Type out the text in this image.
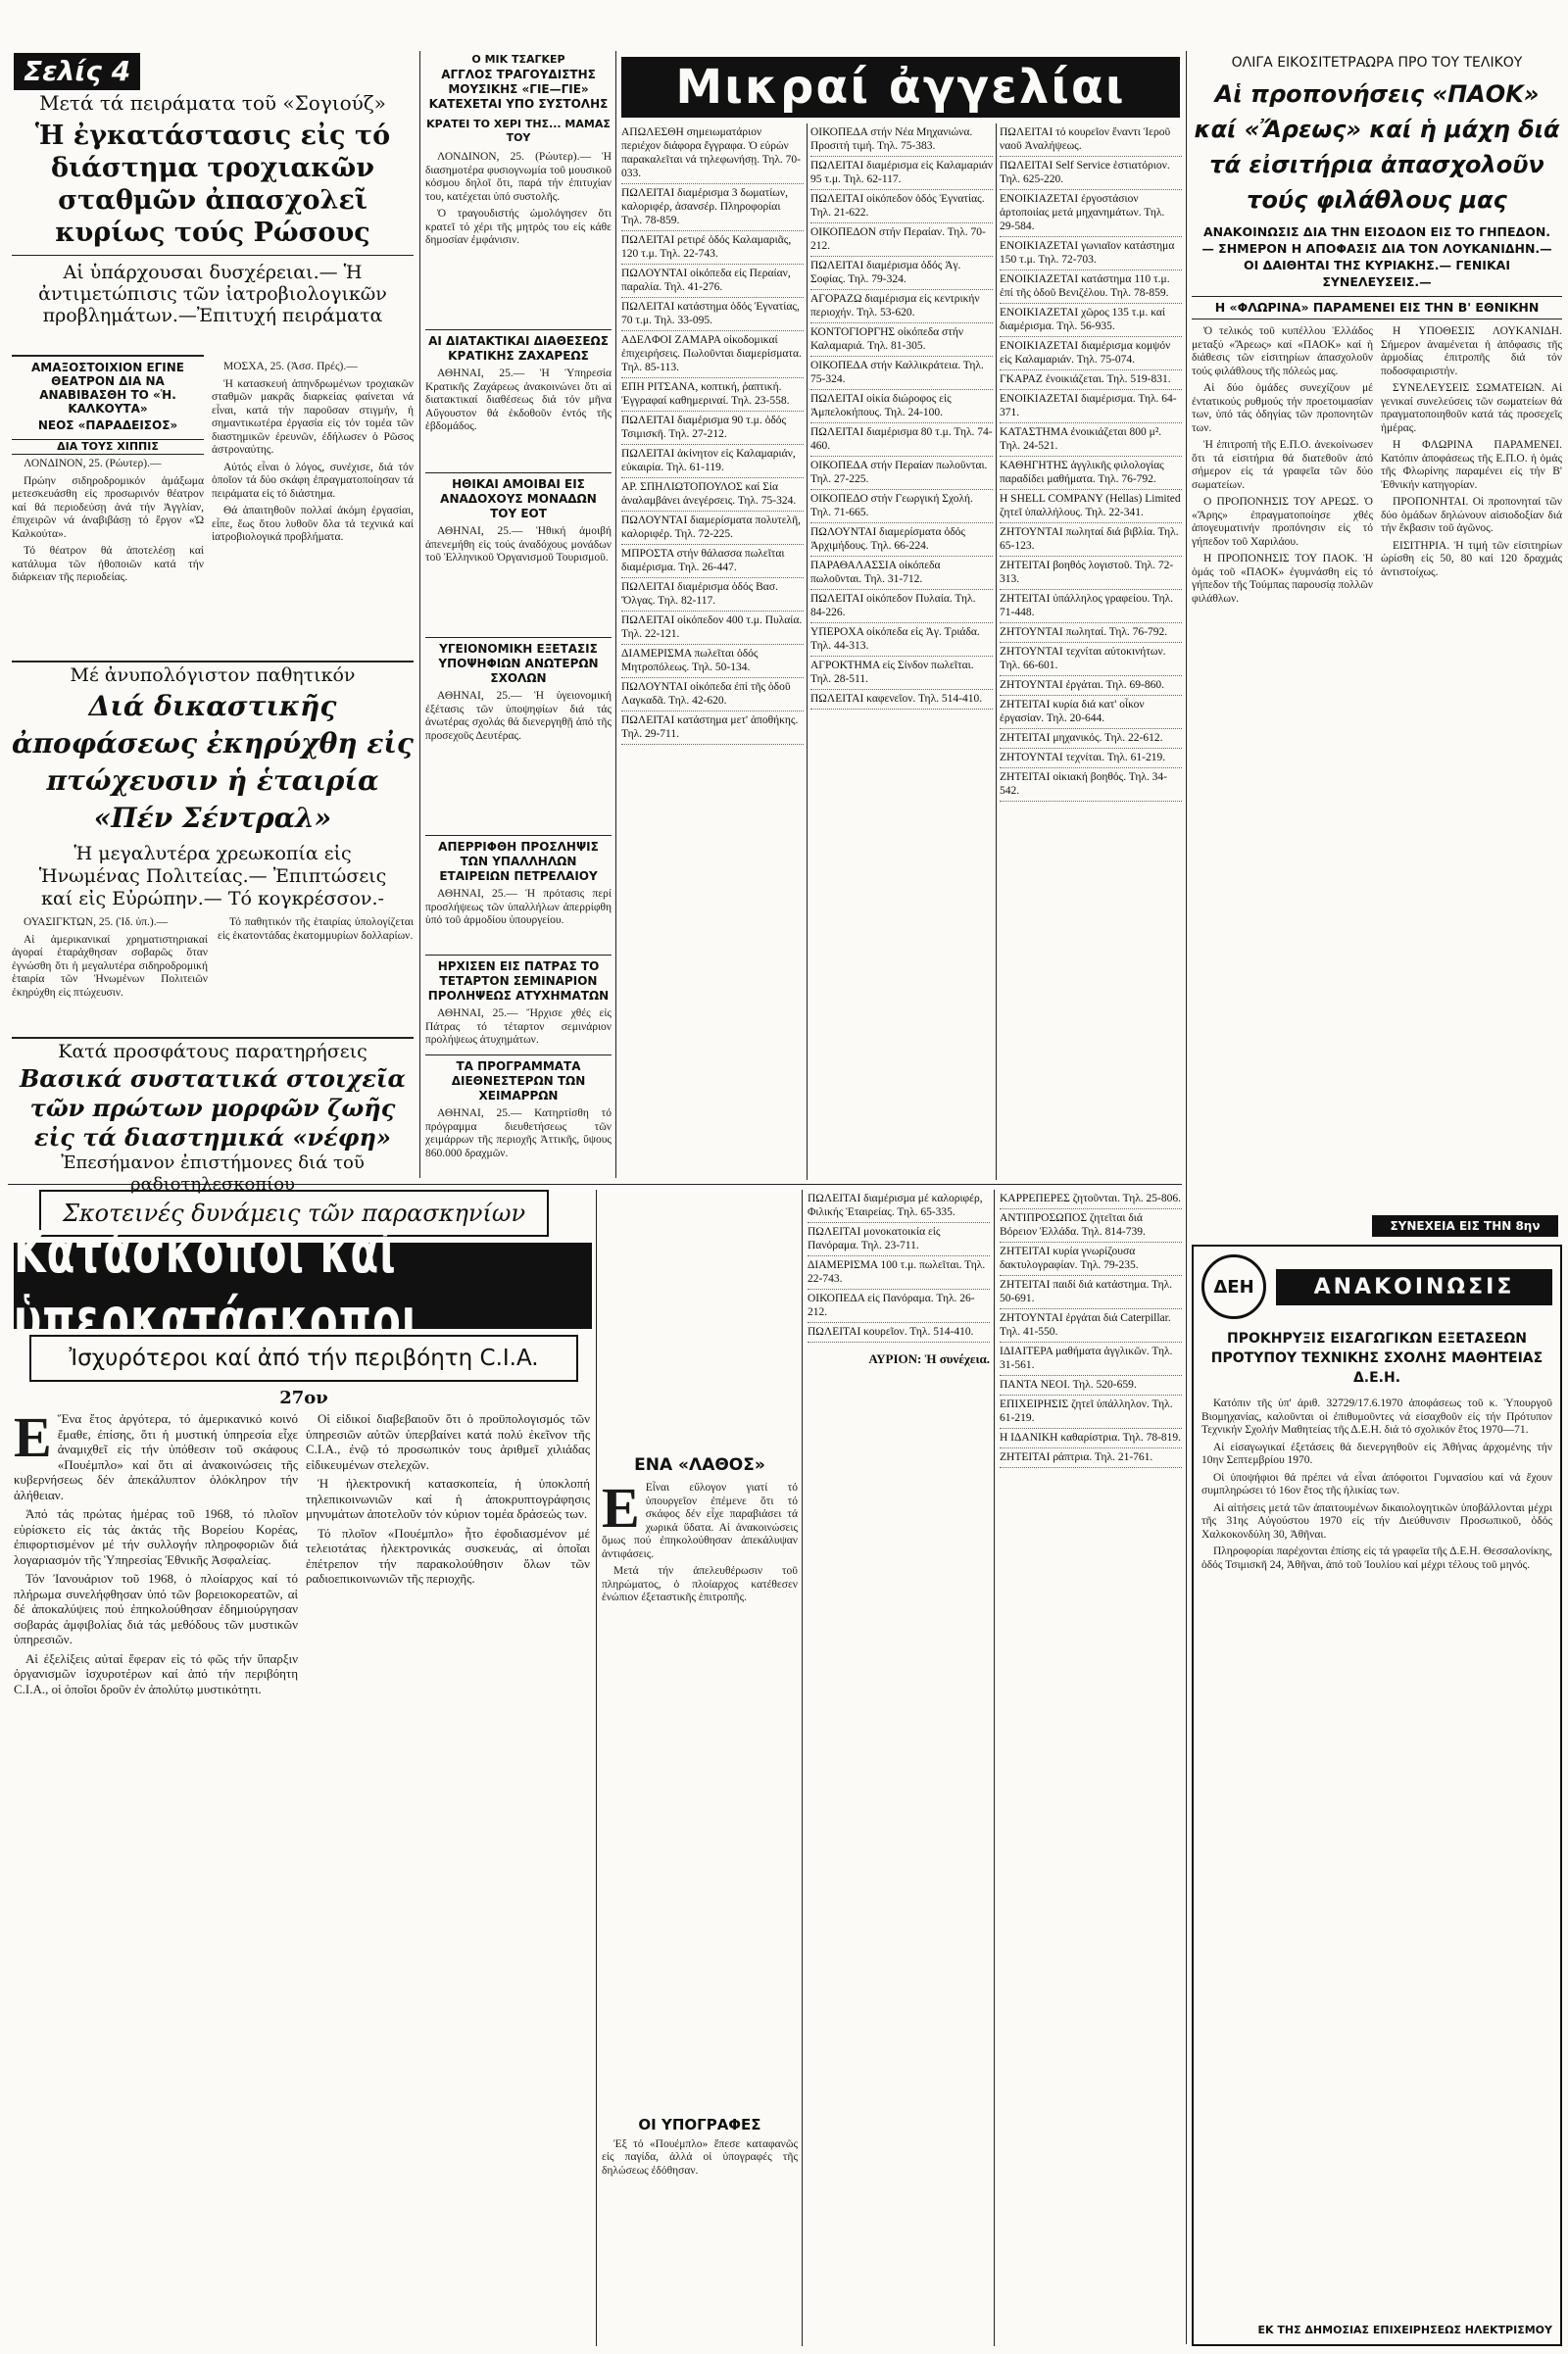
Σελίς 4
Μετά τά πειράματα τοῦ «Σογιούζ»
Ἡ ἐγκατάστασις εἰς τό διάστημα τροχιακῶν σταθμῶν ἀπασχολεῖ κυρίως τούς Ρώσους
Αἱ ὑπάρχουσαι δυσχέρειαι.— Ἡ ἀντιμετώπισις τῶν ἰατροβιολογικῶν προβλημάτων.—Ἐπιτυχή πειράματα
ΑΜΑΞΟΣΤΟΙΧΙΟΝ ΕΓΙΝΕ ΘΕΑΤΡΟΝ ΔΙΑ ΝΑ ΑΝΑΒΙΒΑΣΘΗ ΤΟ «Ἡ. ΚΑΛΚΟΥΤΑ»
ΝΕΟΣ «ΠΑΡΑΔΕΙΣΟΣ»
ΔΙΑ ΤΟΥΣ ΧΙΠΠΙΣ
ΛΟΝΔΙΝΟΝ, 25. (Ρώυτερ).—

Πρώην σιδηροδρομικόν ἁμάξωμα μετεσκευάσθη εἰς προσωρινόν θέατρον καί θά περιοδεύσῃ ἀνά τήν Ἀγγλίαν, ἐπιχειρῶν νά ἀναβιβάσῃ τό ἔργον «Ὠ Καλκούτα».

Τό θέατρον θά ἀποτελέσῃ καί κατάλυμα τῶν ἠθοποιῶν κατά τήν διάρκειαν τῆς περιοδείας.

ΜΟΣΧΑ, 25. (Ἀσσ. Πρές).—

Ἡ κατασκευή ἀπηνδρωμένων τροχιακῶν σταθμῶν μακρᾶς διαρκείας φαίνεται νά εἶναι, κατά τήν παροῦσαν στιγμήν, ἡ σημαντικωτέρα ἐργασία εἰς τόν τομέα τῶν διαστημικῶν ἐρευνῶν, ἐδήλωσεν ὁ Ρῶσος ἀστροναύτης.

Αὐτός εἶναι ὁ λόγος, συνέχισε, διά τόν ὁποῖον τά δύο σκάφη ἐπραγματοποίησαν τά πειράματα εἰς τό διάστημα.

Θά ἀπαιτηθοῦν πολλαί ἀκόμη ἐργασίαι, εἶπε, ἕως ὅτου λυθοῦν ὅλα τά τεχνικά καί ἰατροβιολογικά προβλήματα.

Μέ ἀνυπολόγιστον παθητικόν
Διά δικαστικῆς ἀποφάσεως ἐκηρύχθη εἰς πτώχευσιν ἡ ἑταιρία «Πέν Σέντραλ»
Ἡ μεγαλυτέρα χρεωκοπία εἰς Ἡνωμένας Πολιτείας.— Ἐπιπτώσεις καί εἰς Εὐρώπην.— Τό κογκρέσσον.-
ΟΥΑΣΙΓΚΤΩΝ, 25. (Ἰδ. ὑπ.).—

Αἱ ἀμερικανικαί χρηματιστηριακαί ἀγοραί ἐταράχθησαν σοβαρῶς ὅταν ἐγνώσθη ὅτι ἡ μεγαλυτέρα σιδηροδρομική ἑταιρία τῶν Ἡνωμένων Πολιτειῶν ἐκηρύχθη εἰς πτώχευσιν.

Τό παθητικόν τῆς ἑταιρίας ὑπολογίζεται εἰς ἑκατοντάδας ἑκατομμυρίων δολλαρίων.

Κατά προσφάτους παρατηρήσεις
Βασικά συστατικά στοιχεῖα τῶν πρώτων μορφῶν ζωῆς εἰς τά διαστημικά «νέφη»
Ἐπεσήμανον ἐπιστήμονες διά τοῦ ραδιοτηλεσκοπίου
Ο ΜΙΚ ΤΣΑΓΚΕΡ
ΑΓΓΛΟΣ ΤΡΑΓΟΥΔΙΣΤΗΣ ΜΟΥΣΙΚΗΣ «ΓΙΕ—ΓΙΕ» ΚΑΤΕΧΕΤΑΙ ΥΠΟ ΣΥΣΤΟΛΗΣ
ΚΡΑΤΕΙ ΤΟ ΧΕΡΙ ΤΗΣ... ΜΑΜΑΣ ΤΟΥ

ΛΟΝΔΙΝΟΝ, 25. (Ρώυτερ).— Ἡ διασημοτέρα φυσιογνωμία τοῦ μουσικοῦ κόσμου δηλοῖ ὅτι, παρά τήν ἐπιτυχίαν του, κατέχεται ὑπό συστολῆς.

Ὁ τραγουδιστής ὡμολόγησεν ὅτι κρατεῖ τό χέρι τῆς μητρός του εἰς κάθε δημοσίαν ἐμφάνισιν.

ΑΙ ΔΙΑΤΑΚΤΙΚΑΙ ΔΙΑΘΕΣΕΩΣ ΚΡΑΤΙΚΗΣ ΖΑΧΑΡΕΩΣ

ΑΘΗΝΑΙ, 25.— Ἡ Ὑπηρεσία Κρατικῆς Ζαχάρεως ἀνακοινώνει ὅτι αἱ διατακτικαί διαθέσεως διά τόν μῆνα Αὔγουστον θά ἐκδοθοῦν ἐντός τῆς ἑβδομάδος.

ΗΘΙΚΑΙ ΑΜΟΙΒΑΙ ΕΙΣ ΑΝΑΔΟΧΟΥΣ ΜΟΝΑΔΩΝ ΤΟΥ ΕΟΤ

ΑΘΗΝΑΙ, 25.— Ἡθική ἀμοιβή ἀπενεμήθη εἰς τούς ἀναδόχους μονάδων τοῦ Ἑλληνικοῦ Ὀργανισμοῦ Τουρισμοῦ.

ΥΓΕΙΟΝΟΜΙΚΗ ΕΞΕΤΑΣΙΣ ΥΠΟΨΗΦΙΩΝ ΑΝΩΤΕΡΩΝ ΣΧΟΛΩΝ

ΑΘΗΝΑΙ, 25.— Ἡ ὑγειονομική ἐξέτασις τῶν ὑποψηφίων διά τάς ἀνωτέρας σχολάς θά διενεργηθῇ ἀπό τῆς προσεχοῦς Δευτέρας.

ΑΠΕΡΡΙΦΘΗ ΠΡΟΣΛΗΨΙΣ ΤΩΝ ΥΠΑΛΛΗΛΩΝ ΕΤΑΙΡΕΙΩΝ ΠΕΤΡΕΛΑΙΟΥ

ΑΘΗΝΑΙ, 25.— Ἡ πρότασις περί προσλήψεως τῶν ὑπαλλήλων ἀπερρίφθη ὑπό τοῦ ἁρμοδίου ὑπουργείου.

ΗΡΧΙΣΕΝ ΕΙΣ ΠΑΤΡΑΣ ΤΟ ΤΕΤΑΡΤΟΝ ΣΕΜΙΝΑΡΙΟΝ ΠΡΟΛΗΨΕΩΣ ΑΤΥΧΗΜΑΤΩΝ

ΑΘΗΝΑΙ, 25.— Ἤρχισε χθές εἰς Πάτρας τό τέταρτον σεμινάριον προλήψεως ἀτυχημάτων.

ΤΑ ΠΡΟΓΡΑΜΜΑΤΑ ΔΙΕΘΝΕΣΤΕΡΩΝ ΤΩΝ ΧΕΙΜΑΡΡΩΝ

ΑΘΗΝΑΙ, 25.— Κατηρτίσθη τό πρόγραμμα διευθετήσεως τῶν χειμάρρων τῆς περιοχῆς Ἀττικῆς, ὕψους 860.000 δραχμῶν.

Μικραί ἀγγελίαι
ΑΠΩΛΕΣΘΗ σημειωματάριον περιέχον διάφορα ἔγγραφα. Ὁ εὑρών παρακαλεῖται νά τηλεφωνήσῃ. Τηλ. 70-033.
ΠΩΛΕΙΤΑΙ διαμέρισμα 3 δωματίων, καλοριφέρ, ἀσανσέρ. Πληροφορίαι Τηλ. 78-859.
ΠΩΛΕΙΤΑΙ ρετιρέ ὁδός Καλαμαριᾶς, 120 τ.μ. Τηλ. 22-743.
ΠΩΛΟΥΝΤΑΙ οἰκόπεδα εἰς Περαίαν, παραλία. Τηλ. 41-276.
ΠΩΛΕΙΤΑΙ κατάστημα ὁδός Ἐγνατίας, 70 τ.μ. Τηλ. 33-095.
ΑΔΕΛΦΟΙ ΖΑΜΑΡΑ οἰκοδομικαί ἐπιχειρήσεις. Πωλοῦνται διαμερίσματα. Τηλ. 85-113.
ΕΠΗ ΡΙΤΣΑΝΑ, κοπτική, ῥαπτική. Ἐγγραφαί καθημεριναί. Τηλ. 23-558.
ΠΩΛΕΙΤΑΙ διαμέρισμα 90 τ.μ. ὁδός Τσιμισκῆ. Τηλ. 27-212.
ΠΩΛΕΙΤΑΙ ἀκίνητον εἰς Καλαμαριάν, εὐκαιρία. Τηλ. 61-119.
ΑΡ. ΣΠΗΛΙΩΤΟΠΟΥΛΟΣ καί Σία ἀναλαμβάνει ἀνεγέρσεις. Τηλ. 75-324.
ΠΩΛΟΥΝΤΑΙ διαμερίσματα πολυτελῆ, καλοριφέρ. Τηλ. 72-225.
ΜΠΡΟΣΤΑ στήν θάλασσα πωλεῖται διαμέρισμα. Τηλ. 26-447.
ΠΩΛΕΙΤΑΙ διαμέρισμα ὁδός Βασ. Ὄλγας. Τηλ. 82-117.
ΠΩΛΕΙΤΑΙ οἰκόπεδον 400 τ.μ. Πυλαία. Τηλ. 22-121.
ΔΙΑΜΕΡΙΣΜΑ πωλεῖται ὁδός Μητροπόλεως. Τηλ. 50-134.
ΠΩΛΟΥΝΤΑΙ οἰκόπεδα ἐπί τῆς ὁδοῦ Λαγκαδᾶ. Τηλ. 42-620.
ΠΩΛΕΙΤΑΙ κατάστημα μετ' ἀποθήκης. Τηλ. 29-711.
ΟΙΚΟΠΕΔΑ στήν Νέα Μηχανιώνα. Προσιτή τιμή. Τηλ. 75-383.
ΠΩΛΕΙΤΑΙ διαμέρισμα εἰς Καλαμαριάν 95 τ.μ. Τηλ. 62-117.
ΠΩΛΕΙΤΑΙ οἰκόπεδον ὁδός Ἐγνατίας. Τηλ. 21-622.
ΟΙΚΟΠΕΔΟΝ στήν Περαίαν. Τηλ. 70-212.
ΠΩΛΕΙΤΑΙ διαμέρισμα ὁδός Ἁγ. Σοφίας. Τηλ. 79-324.
ΑΓΟΡΑΖΩ διαμέρισμα εἰς κεντρικήν περιοχήν. Τηλ. 53-620.
ΚΟΝΤΟΓΙΟΡΓΗΣ οἰκόπεδα στήν Καλαμαριά. Τηλ. 81-305.
ΟΙΚΟΠΕΔΑ στήν Καλλικράτεια. Τηλ. 75-324.
ΠΩΛΕΙΤΑΙ οἰκία διώροφος εἰς Ἀμπελοκήπους. Τηλ. 24-100.
ΠΩΛΕΙΤΑΙ διαμέρισμα 80 τ.μ. Τηλ. 74-460.
ΟΙΚΟΠΕΔΑ στήν Περαίαν πωλοῦνται. Τηλ. 27-225.
ΟΙΚΟΠΕΔΟ στήν Γεωργική Σχολή. Τηλ. 71-665.
ΠΩΛΟΥΝΤΑΙ διαμερίσματα ὁδός Ἀρχιμήδους. Τηλ. 66-224.
ΠΑΡΑΘΑΛΑΣΣΙΑ οἰκόπεδα πωλοῦνται. Τηλ. 31-712.
ΠΩΛΕΙΤΑΙ οἰκόπεδον Πυλαία. Τηλ. 84-226.
ΥΠΕΡΟΧΑ οἰκόπεδα εἰς Ἀγ. Τριάδα. Τηλ. 44-313.
ΑΓΡΟΚΤΗΜΑ εἰς Σίνδον πωλεῖται. Τηλ. 28-511.
ΠΩΛΕΙΤΑΙ καφενεῖον. Τηλ. 514-410.
ΠΩΛΕΙΤΑΙ τό κουρεῖον ἔναντι Ἱεροῦ ναοῦ Ἀναλήψεως.
ΠΩΛΕΙΤΑΙ Self Service ἑστιατόριον. Τηλ. 625-220.
ΕΝΟΙΚΙΑΖΕΤΑΙ ἐργοστάσιον ἀρτοποιίας μετά μηχανημάτων. Τηλ. 29-584.
ΕΝΟΙΚΙΑΖΕΤΑΙ γωνιαῖον κατάστημα 150 τ.μ. Τηλ. 72-703.
ΕΝΟΙΚΙΑΖΕΤΑΙ κατάστημα 110 τ.μ. ἐπί τῆς ὁδοῦ Βενιζέλου. Τηλ. 78-859.
ΕΝΟΙΚΙΑΖΕΤΑΙ χῶρος 135 τ.μ. καί διαμέρισμα. Τηλ. 56-935.
ΕΝΟΙΚΙΑΖΕΤΑΙ διαμέρισμα κομψόν εἰς Καλαμαριάν. Τηλ. 75-074.
ΓΚΑΡΑΖ ἐνοικιάζεται. Τηλ. 519-831.
ΕΝΟΙΚΙΑΖΕΤΑΙ διαμέρισμα. Τηλ. 64-371.
ΚΑΤΑΣΤΗΜΑ ἐνοικιάζεται 800 μ². Τηλ. 24-521.
ΚΑΘΗΓΗΤΗΣ ἀγγλικῆς φιλολογίας παραδίδει μαθήματα. Τηλ. 76-792.
Η SHELL COMPANY (Hellas) Limited ζητεῖ ὑπαλλήλους. Τηλ. 22-341.
ΖΗΤΟΥΝΤΑΙ πωληταί διά βιβλία. Τηλ. 65-123.
ΖΗΤΕΙΤΑΙ βοηθός λογιστοῦ. Τηλ. 72-313.
ΖΗΤΕΙΤΑΙ ὑπάλληλος γραφείου. Τηλ. 71-448.
ΖΗΤΟΥΝΤΑΙ πωληταί. Τηλ. 76-792.
ΖΗΤΟΥΝΤΑΙ τεχνίται αὐτοκινήτων. Τηλ. 66-601.
ΖΗΤΟΥΝΤΑΙ ἐργάται. Τηλ. 69-860.
ΖΗΤΕΙΤΑΙ κυρία διά κατ' οἶκον ἐργασίαν. Τηλ. 20-644.
ΖΗΤΕΙΤΑΙ μηχανικός. Τηλ. 22-612.
ΖΗΤΟΥΝΤΑΙ τεχνίται. Τηλ. 61-219.
ΖΗΤΕΙΤΑΙ οἰκιακή βοηθός. Τηλ. 34-542.
Σκοτεινές δυνάμεις τῶν παρασκηνίων
Κατάσκοποι καί ὑπερκατάσκοποι
Ἰσχυρότεροι καί ἀπό τήν περιβόητη C.I.A.
27ον

Ε Ἕνα ἔτος ἀργότερα, τό ἀμερικανικό κοινό ἔμαθε, ἐπίσης, ὅτι ἡ μυστική ὑπηρεσία εἶχε ἀναμιχθεῖ εἰς τήν ὑπόθεσιν τοῦ σκάφους «Πουέμπλο» καί ὅτι αἱ ἀνακοινώσεις τῆς κυβερνήσεως δέν ἀπεκάλυπτον ὁλόκληρον τήν ἀλήθειαν.

Ἀπό τάς πρώτας ἡμέρας τοῦ 1968, τό πλοῖον εὑρίσκετο εἰς τάς ἀκτάς τῆς Βορείου Κορέας, ἐπιφορτισμένον μέ τήν συλλογήν πληροφοριῶν διά λογαριασμόν τῆς Ὑπηρεσίας Ἐθνικῆς Ἀσφαλείας.

Τόν Ἰανουάριον τοῦ 1968, ὁ πλοίαρχος καί τό πλήρωμα συνελήφθησαν ὑπό τῶν βορειοκορεατῶν, αἱ δέ ἀποκαλύψεις πού ἐπηκολούθησαν ἐδημιούργησαν σοβαράς ἀμφιβολίας διά τάς μεθόδους τῶν μυστικῶν ὑπηρεσιῶν.

Αἱ ἐξελίξεις αὐταί ἔφεραν εἰς τό φῶς τήν ὕπαρξιν ὀργανισμῶν ἰσχυροτέρων καί ἀπό τήν περιβόητη C.I.A., οἱ ὁποῖοι δροῦν ἐν ἀπολύτῳ μυστικότητι.

Οἱ εἰδικοί διαβεβαιοῦν ὅτι ὁ προϋπολογισμός τῶν ὑπηρεσιῶν αὐτῶν ὑπερβαίνει κατά πολύ ἐκεῖνον τῆς C.I.A., ἐνῷ τό προσωπικόν τους ἀριθμεῖ χιλιάδας εἰδικευμένων στελεχῶν.

Ἡ ἠλεκτρονική κατασκοπεία, ἡ ὑποκλοπή τηλεπικοινωνιῶν καί ἡ ἀποκρυπτογράφησις μηνυμάτων ἀποτελοῦν τόν κύριον τομέα δράσεώς των.

Τό πλοῖον «Πουέμπλο» ἦτο ἐφοδιασμένον μέ τελειοτάτας ἠλεκτρονικάς συσκευάς, αἱ ὁποῖαι ἐπέτρεπον τήν παρακολούθησιν ὅλων τῶν ραδιοεπικοινωνιῶν τῆς περιοχῆς.

ΕΝΑ «ΛΑΘΟΣ»

Ε Εἶναι εὔλογον γιατί τό ὑπουργεῖον ἐπέμενε ὅτι τό σκάφος δέν εἶχε παραβιάσει τά χωρικά ὕδατα. Αἱ ἀνακοινώσεις ὅμως πού ἐπηκολούθησαν ἀπεκάλυψαν ἀντιφάσεις.

Μετά τήν ἀπελευθέρωσιν τοῦ πληρώματος, ὁ πλοίαρχος κατέθεσεν ἐνώπιον ἐξεταστικῆς ἐπιτροπῆς.

ΟΙ ΥΠΟΓΡΑΦΕΣ

Ἐξ τό «Πουέμπλο» ἔπεσε καταφανῶς εἰς παγίδα, ἀλλά οἱ ὑπογραφές τῆς δηλώσεως ἐδόθησαν.

ΠΩΛΕΙΤΑΙ διαμέρισμα μέ καλοριφέρ, Φιλικής Ἑταιρείας. Τηλ. 65-335.
ΠΩΛΕΙΤΑΙ μονοκατοικία εἰς Πανόραμα. Τηλ. 23-711.
ΔΙΑΜΕΡΙΣΜΑ 100 τ.μ. πωλεῖται. Τηλ. 22-743.
ΟΙΚΟΠΕΔΑ εἰς Πανόραμα. Τηλ. 26-212.
ΠΩΛΕΙΤΑΙ κουρεῖον. Τηλ. 514-410.
ΑΥΡΙΟΝ: Ἡ συνέχεια.
ΚΑΡΡΕΠΕΡΕΣ ζητοῦνται. Τηλ. 25-806.
ΑΝΤΙΠΡΟΣΩΠΟΣ ζητεῖται διά Βόρειον Ἑλλάδα. Τηλ. 814-739.
ΖΗΤΕΙΤΑΙ κυρία γνωρίζουσα δακτυλογραφίαν. Τηλ. 79-235.
ΖΗΤΕΙΤΑΙ παιδί διά κατάστημα. Τηλ. 50-691.
ΖΗΤΟΥΝΤΑΙ ἐργάται διά Caterpillar. Τηλ. 41-550.
ΙΔΙΑΙΤΕΡΑ μαθήματα ἀγγλικῶν. Τηλ. 31-561.
ΠΑΝΤΑ ΝΕΟΙ. Τηλ. 520-659.
ΕΠΙΧΕΙΡΗΣΙΣ ζητεῖ ὑπάλληλον. Τηλ. 61-219.
Η ΙΔΑΝΙΚΗ καθαρίστρια. Τηλ. 78-819.
ΖΗΤΕΙΤΑΙ ράπτρια. Τηλ. 21-761.
ΟΛΙΓΑ ΕΙΚΟΣΙΤΕΤΡΑΩΡΑ ΠΡΟ ΤΟΥ ΤΕΛΙΚΟΥ
Αἱ προπονήσεις «ΠΑΟΚ» καί «Ἄρεως» καί ἡ μάχη διά τά εἰσιτήρια ἀπασχολοῦν τούς φιλάθλους μας
ΑΝΑΚΟΙΝΩΣΙΣ ΔΙΑ ΤΗΝ ΕΙΣΟΔΟΝ ΕΙΣ ΤΟ ΓΗΠΕΔΟΝ.— ΣΗΜΕΡΟΝ Η ΑΠΟΦΑΣΙΣ ΔΙΑ ΤΟΝ ΛΟΥΚΑΝΙΔΗΝ.— ΟΙ ΔΑΙΘΗΤΑΙ ΤΗΣ ΚΥΡΙΑΚΗΣ.— ΓΕΝΙΚΑΙ ΣΥΝΕΛΕΥΣΕΙΣ.—
Η «ΦΛΩΡΙΝΑ» ΠΑΡΑΜΕΝΕΙ ΕΙΣ ΤΗΝ Β' ΕΘΝΙΚΗΝ

Ὁ τελικός τοῦ κυπέλλου Ἑλλάδος μεταξύ «Ἄρεως» καί «ΠΑΟΚ» καί ἡ διάθεσις τῶν εἰσιτηρίων ἀπασχολοῦν τούς φιλάθλους τῆς πόλεώς μας.

Αἱ δύο ὁμάδες συνεχίζουν μέ ἐντατικούς ρυθμούς τήν προετοιμασίαν των, ὑπό τάς ὁδηγίας τῶν προπονητῶν των.

Ἡ ἐπιτροπή τῆς Ε.Π.Ο. ἀνεκοίνωσεν ὅτι τά εἰσιτήρια θά διατεθοῦν ἀπό σήμερον εἰς τά γραφεῖα τῶν δύο σωματείων.

Ο ΠΡΟΠΟΝΗΣΙΣ ΤΟΥ ΑΡΕΩΣ. Ὁ «Ἄρης» ἐπραγματοποίησε χθές ἀπογευματινήν προπόνησιν εἰς τό γήπεδον τοῦ Χαριλάου.

Η ΠΡΟΠΟΝΗΣΙΣ ΤΟΥ ΠΑΟΚ. Ἡ ὁμάς τοῦ «ΠΑΟΚ» ἐγυμνάσθη εἰς τό γήπεδον τῆς Τούμπας παρουσίᾳ πολλῶν φιλάθλων.

Η ΥΠΟΘΕΣΙΣ ΛΟΥΚΑΝΙΔΗ. Σήμερον ἀναμένεται ἡ ἀπόφασις τῆς ἁρμοδίας ἐπιτροπῆς διά τόν ποδοσφαιριστήν.

ΣΥΝΕΛΕΥΣΕΙΣ ΣΩΜΑΤΕΙΩΝ. Αἱ γενικαί συνελεύσεις τῶν σωματείων θά πραγματοποιηθοῦν κατά τάς προσεχεῖς ἡμέρας.

Η ΦΛΩΡΙΝΑ ΠΑΡΑΜΕΝΕΙ. Κατόπιν ἀποφάσεως τῆς Ε.Π.Ο. ἡ ὁμάς τῆς Φλωρίνης παραμένει εἰς τήν Β' Ἐθνικήν κατηγορίαν.

ΠΡΟΠΟΝΗΤΑΙ. Οἱ προπονηταί τῶν δύο ὁμάδων δηλώνουν αἰσιοδοξίαν διά τήν ἔκβασιν τοῦ ἀγῶνος.

ΕΙΣΙΤΗΡΙΑ. Ἡ τιμή τῶν εἰσιτηρίων ὡρίσθη εἰς 50, 80 καί 120 δραχμάς ἀντιστοίχως.

ΣΥΝΕΧΕΙΑ ΕΙΣ ΤΗΝ 8ην
ΔΕΗ	ΑΝΑΚΟΙΝΩΣΙΣ
ΠΡΟΚΗΡΥΞΙΣ ΕΙΣΑΓΩΓΙΚΩΝ ΕΞΕΤΑΣΕΩΝ ΠΡΟΤΥΠΟΥ ΤΕΧΝΙΚΗΣ ΣΧΟΛΗΣ ΜΑΘΗΤΕΙΑΣ Δ.Ε.Η.

Κατόπιν τῆς ὑπ' ἀριθ. 32729/17.6.1970 ἀποφάσεως τοῦ κ. Ὑπουργοῦ Βιομηχανίας, καλοῦνται οἱ ἐπιθυμοῦντες νά εἰσαχθοῦν εἰς τήν Πρότυπον Τεχνικήν Σχολήν Μαθητείας τῆς Δ.Ε.Η. διά τό σχολικόν ἔτος 1970—71.

Αἱ εἰσαγωγικαί ἐξετάσεις θά διενεργηθοῦν εἰς Ἀθήνας ἀρχομένης τήν 10ην Σεπτεμβρίου 1970.

Οἱ ὑποψήφιοι θά πρέπει νά εἶναι ἀπόφοιτοι Γυμνασίου καί νά ἔχουν συμπληρώσει τό 16ον ἔτος τῆς ἡλικίας των.

Αἱ αἰτήσεις μετά τῶν ἀπαιτουμένων δικαιολογητικῶν ὑποβάλλονται μέχρι τῆς 31ης Αὐγούστου 1970 εἰς τήν Διεύθυνσιν Προσωπικοῦ, ὁδός Χαλκοκονδύλη 30, Ἀθῆναι.

Πληροφορίαι παρέχονται ἐπίσης εἰς τά γραφεῖα τῆς Δ.Ε.Η. Θεσσαλονίκης, ὁδός Τσιμισκῆ 24, Ἀθῆναι, ἀπό τοῦ Ἰουλίου καί μέχρι τέλους τοῦ μηνός.

ΕΚ ΤΗΣ ΔΗΜΟΣΙΑΣ ΕΠΙΧΕΙΡΗΣΕΩΣ ΗΛΕΚΤΡΙΣΜΟΥ
